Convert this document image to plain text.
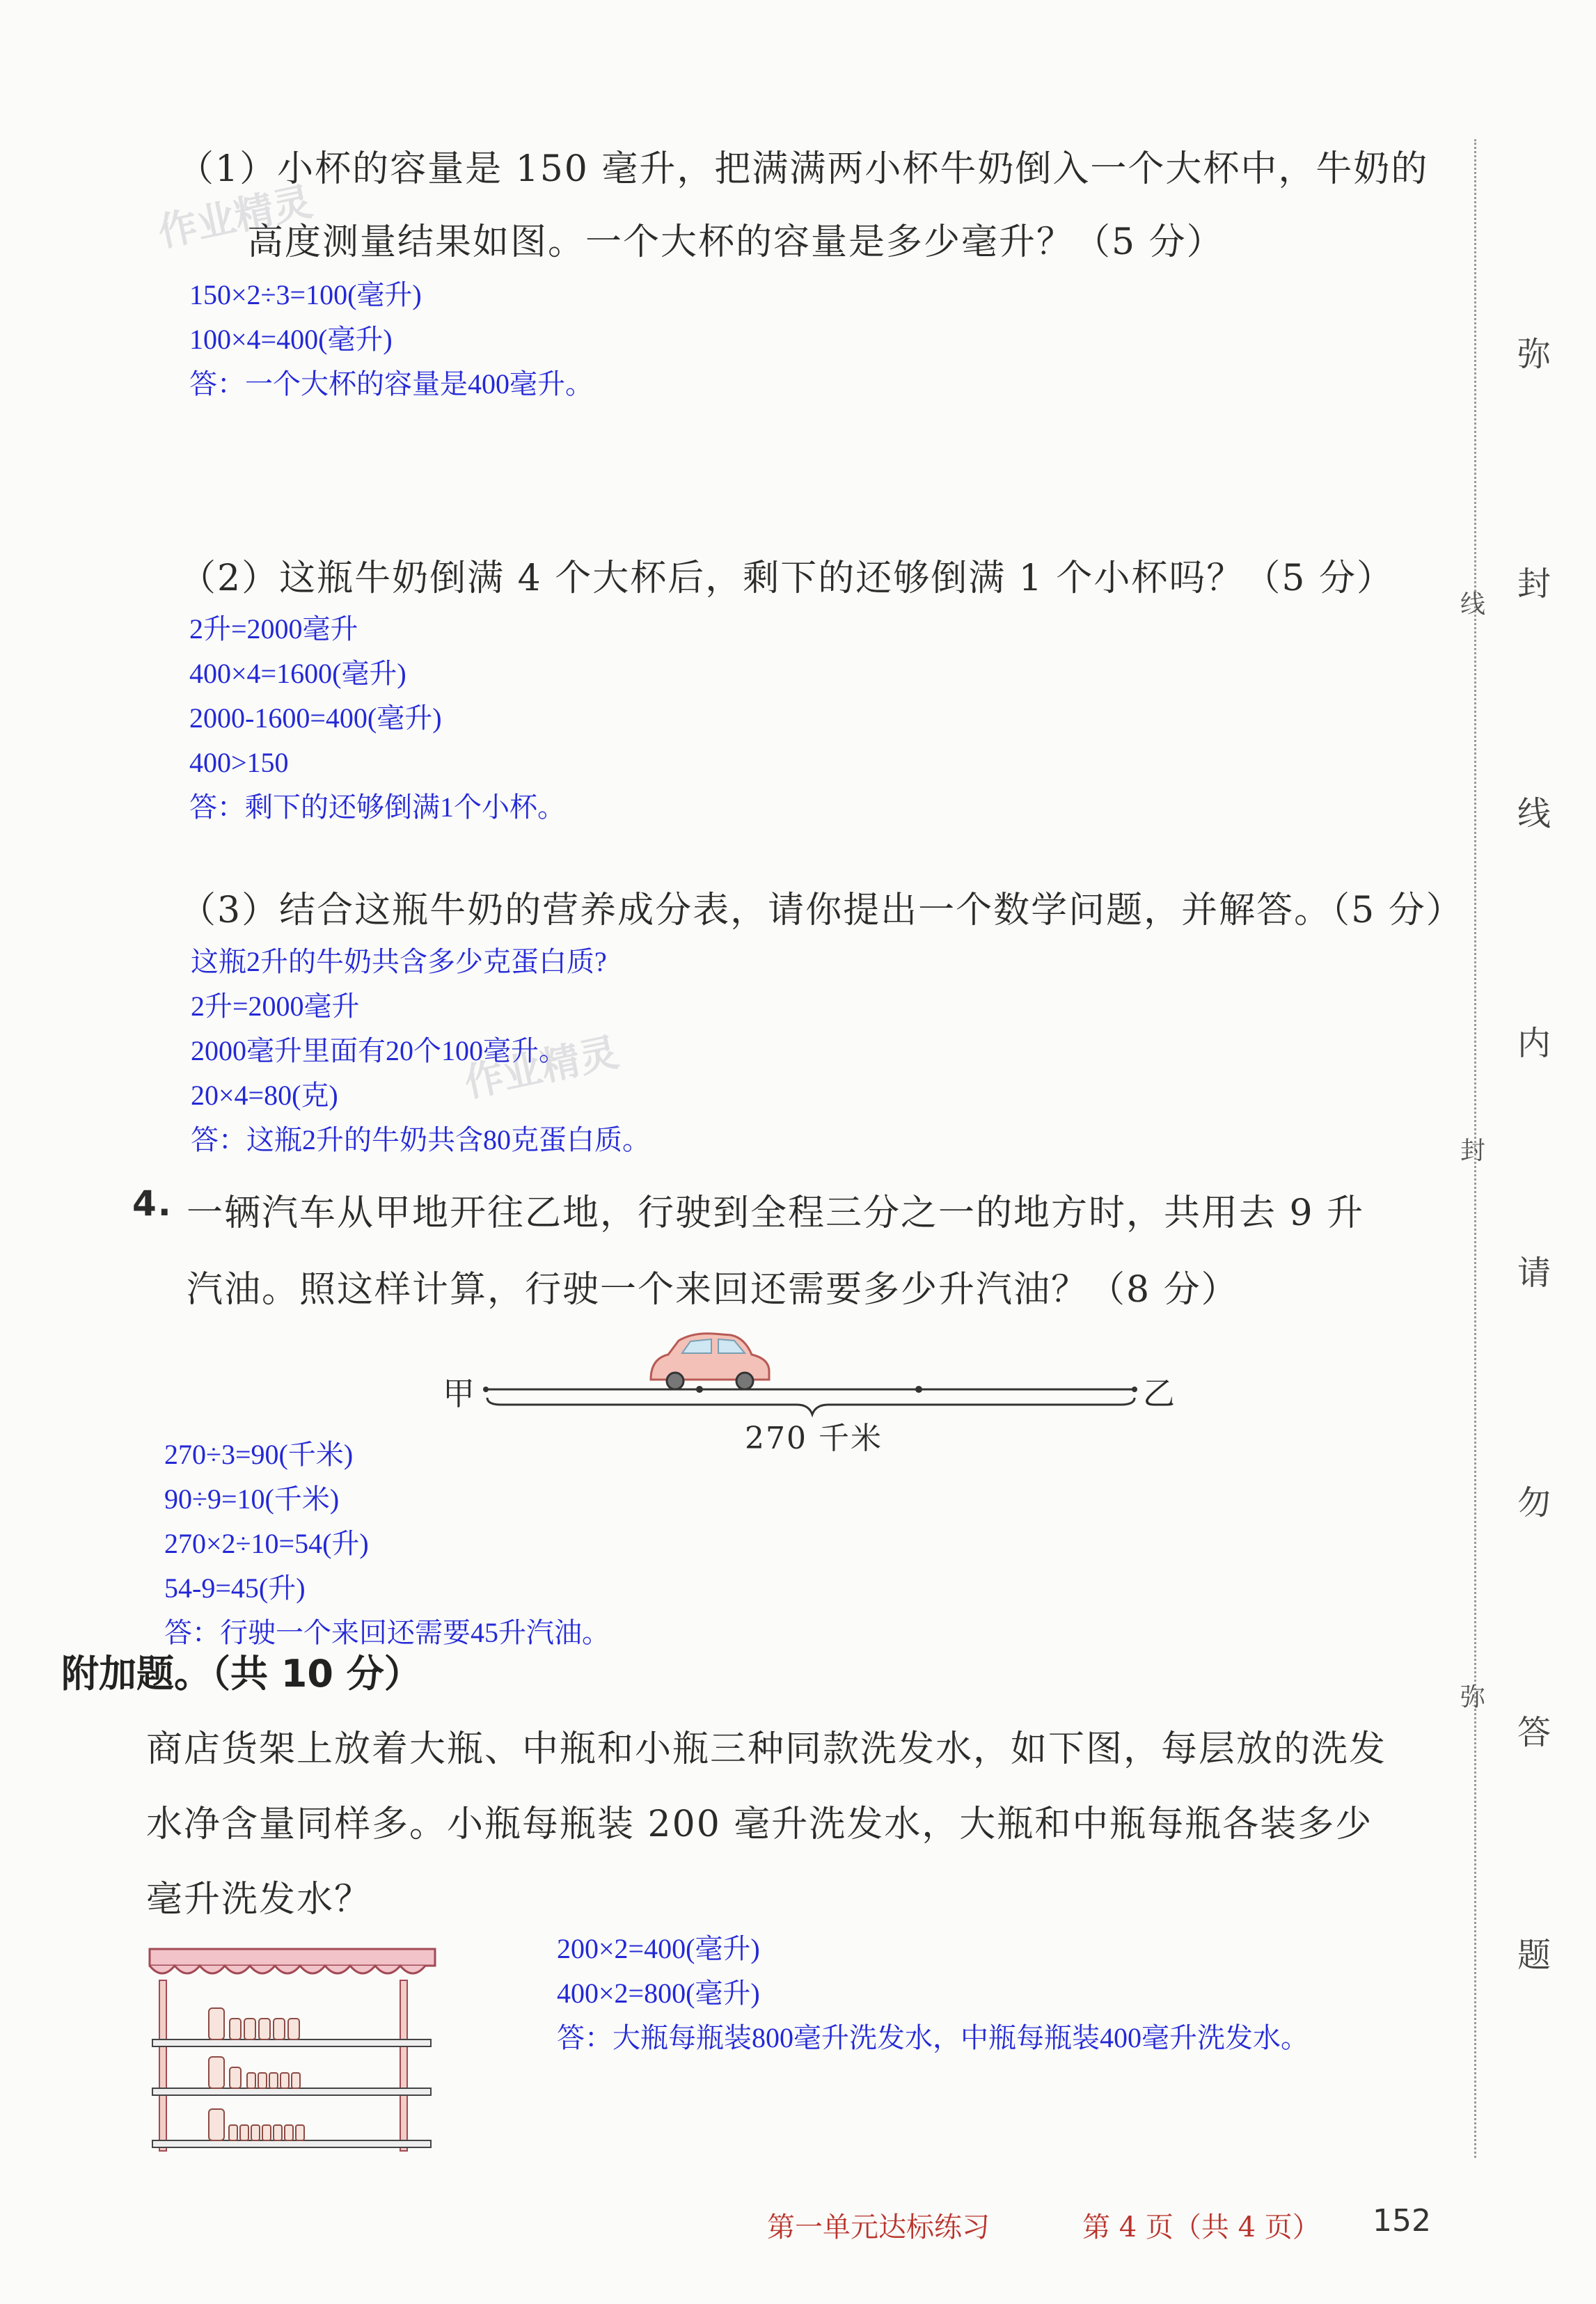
作业精灵
作业精灵
（1）小杯的容量是 150 毫升，把满满两小杯牛奶倒入一个大杯中，牛奶的
高度测量结果如图。一个大杯的容量是多少毫升？（5 分）
150×2÷3=100(毫升)
100×4=400(毫升)
答：一个大杯的容量是400毫升。
（2）这瓶牛奶倒满 4 个大杯后，剩下的还够倒满 1 个小杯吗？（5 分）
2升=2000毫升
400×4=1600(毫升)
2000-1600=400(毫升)
400>150
答：剩下的还够倒满1个小杯。
（3）结合这瓶牛奶的营养成分表，请你提出一个数学问题，并解答。（5 分）
这瓶2升的牛奶共含多少克蛋白质?
2升=2000毫升
2000毫升里面有20个100毫升。
20×4=80(克)
答：这瓶2升的牛奶共含80克蛋白质。
4. 一辆汽车从甲地开往乙地，行驶到全程三分之一的地方时，共用去 9 升
汽油。照这样计算，行驶一个来回还需要多少升汽油？（8 分）
甲	乙
270 千米
270÷3=90(千米)
90÷9=10(千米)
270×2÷10=54(升)
54-9=45(升)
答：行驶一个来回还需要45升汽油。
附加题。（共 10 分）
商店货架上放着大瓶、中瓶和小瓶三种同款洗发水，如下图，每层放的洗发
水净含量同样多。小瓶每瓶装 200 毫升洗发水，大瓶和中瓶每瓶各装多少
毫升洗发水？
200×2=400(毫升)
400×2=800(毫升)
答：大瓶每瓶装800毫升洗发水，中瓶每瓶装400毫升洗发水。
弥
封
线
内
请
勿
答
题
线
封
弥
第一单元达标练习	第 4 页（共 4 页） 152
